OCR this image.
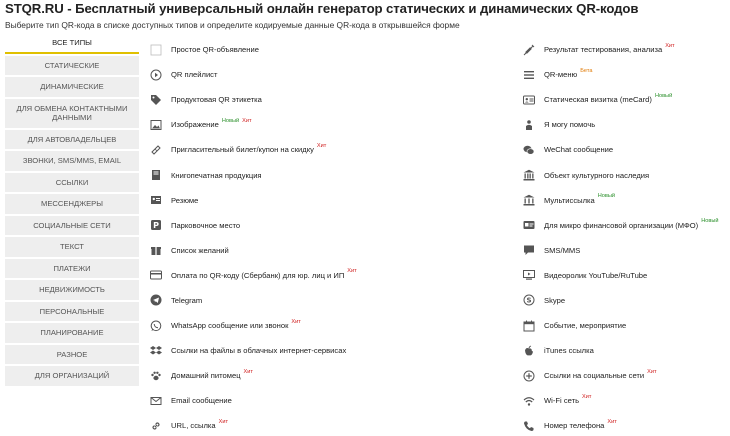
STQR.RU - Бесплатный универсальный онлайн генератор статических и динамических QR-кодов
Выберите тип QR-кода в списке доступных типов и определите кодируемые данные QR-кода в открывшейся форме
ВСЕ ТИПЫ
СТАТИЧЕСКИЕ
ДИНАМИЧЕСКИЕ
ДЛЯ ОБМЕНА КОНТАКТНЫМИ ДАННЫМИ
ДЛЯ АВТОВЛАДЕЛЬЦЕВ
ЗВОНКИ, SMS/MMS, EMAIL
ССЫЛКИ
МЕССЕНДЖЕРЫ
СОЦИАЛЬНЫЕ СЕТИ
ТЕКСТ
ПЛАТЕЖИ
НЕДВИЖИМОСТЬ
ПЕРСОНАЛЬНЫЕ
ПЛАНИРОВАНИЕ
РАЗНОЕ
ДЛЯ ОРГАНИЗАЦИЙ
Простое QR-объявление
QR плейлист
Продуктовая QR этикетка
Изображение Новый Хит
Пригласительный билет/купон на скидку Хит
Книгопечатная продукция
Резюме
P Парковочное место
Список желаний
Оплата по QR-коду (Сбербанк) для юр. лиц и ИП Хит
Telegram
WhatsApp сообщение или звонок Хит
Ссылки на файлы в облачных интернет-сервисах
Домашний питомец Хит
Email сообщение
URL, ссылка Хит
Результат тестирования, анализа Хит
QR-меню Бета
Статическая визитка (meCard) Новый
Я могу помочь
WeChat сообщение
Объект культурного наследия
Мультиссылка Новый
Для микро финансовой организации (МФО) Новый
SMS/MMS
Видеоролик YouTube/RuTube
S Skype
Событие, мероприятие
iTunes ссылка
Ссылки на социальные сети Хит
Wi-Fi сеть Хит
Номер телефона Хит
